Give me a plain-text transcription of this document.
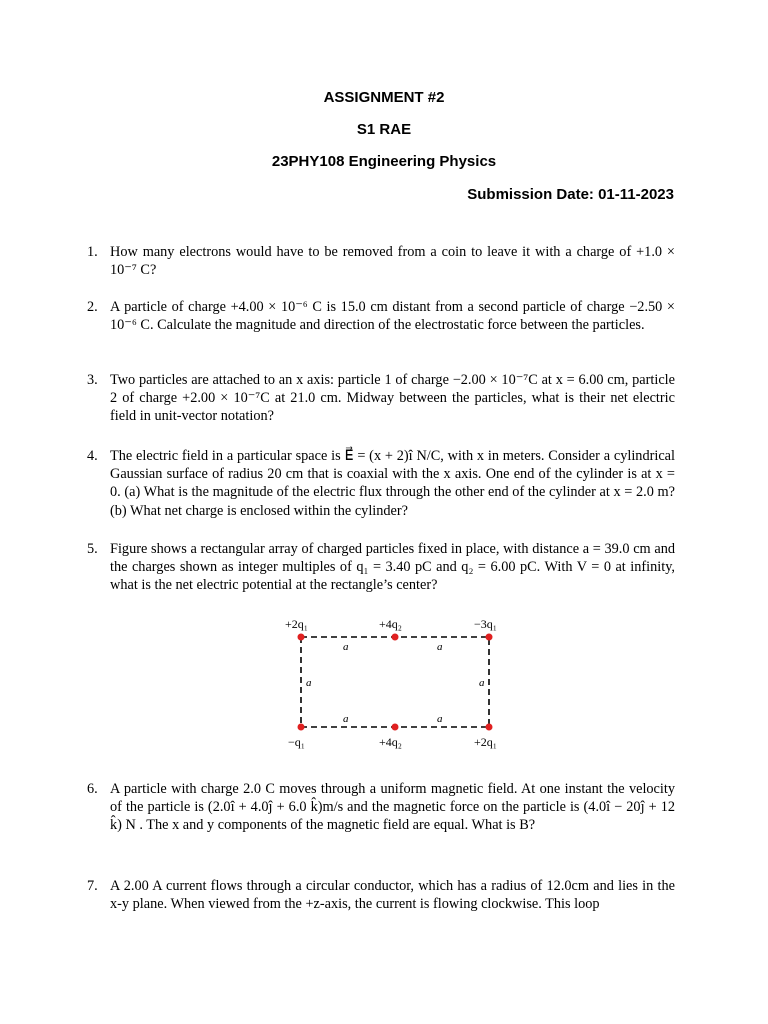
ASSIGNMENT #2
S1 RAE
23PHY108 Engineering Physics
Submission Date: 01-11-2023
1. How many electrons would have to be removed from a coin to leave it with a charge of +1.0 × 10⁻⁷ C?
2. A particle of charge +4.00 × 10⁻⁶ C is 15.0 cm distant from a second particle of charge −2.50 × 10⁻⁶ C. Calculate the magnitude and direction of the electrostatic force between the particles.
3. Two particles are attached to an x axis: particle 1 of charge −2.00 × 10⁻⁷C at x = 6.00 cm, particle 2 of charge +2.00 × 10⁻⁷C at 21.0 cm. Midway between the particles, what is their net electric field in unit-vector notation?
4. The electric field in a particular space is E⃗ = (x + 2)î N/C, with x in meters. Consider a cylindrical Gaussian surface of radius 20 cm that is coaxial with the x axis. One end of the cylinder is at x = 0. (a) What is the magnitude of the electric flux through the other end of the cylinder at x = 2.0 m? (b) What net charge is enclosed within the cylinder?
5. Figure shows a rectangular array of charged particles fixed in place, with distance a = 39.0 cm and the charges shown as integer multiples of q₁ = 3.40 pC and q₂ = 6.00 pC. With V = 0 at infinity, what is the net electric potential at the rectangle’s center?
+2q₁	+4q₂	−3q₁
−q₁	+4q₂	+2q₁
a	a
a	a
a	a
6. A particle with charge 2.0 C moves through a uniform magnetic field. At one instant the velocity of the particle is (2.0î + 4.0ĵ + 6.0 k̂)m/s and the magnetic force on the particle is (4.0î − 20ĵ + 12 k̂) N . The x and y components of the magnetic field are equal. What is B?
7. A 2.00 A current flows through a circular conductor, which has a radius of 12.0cm and lies in the x-y plane. When viewed from the +z-axis, the current is flowing clockwise. This loop
